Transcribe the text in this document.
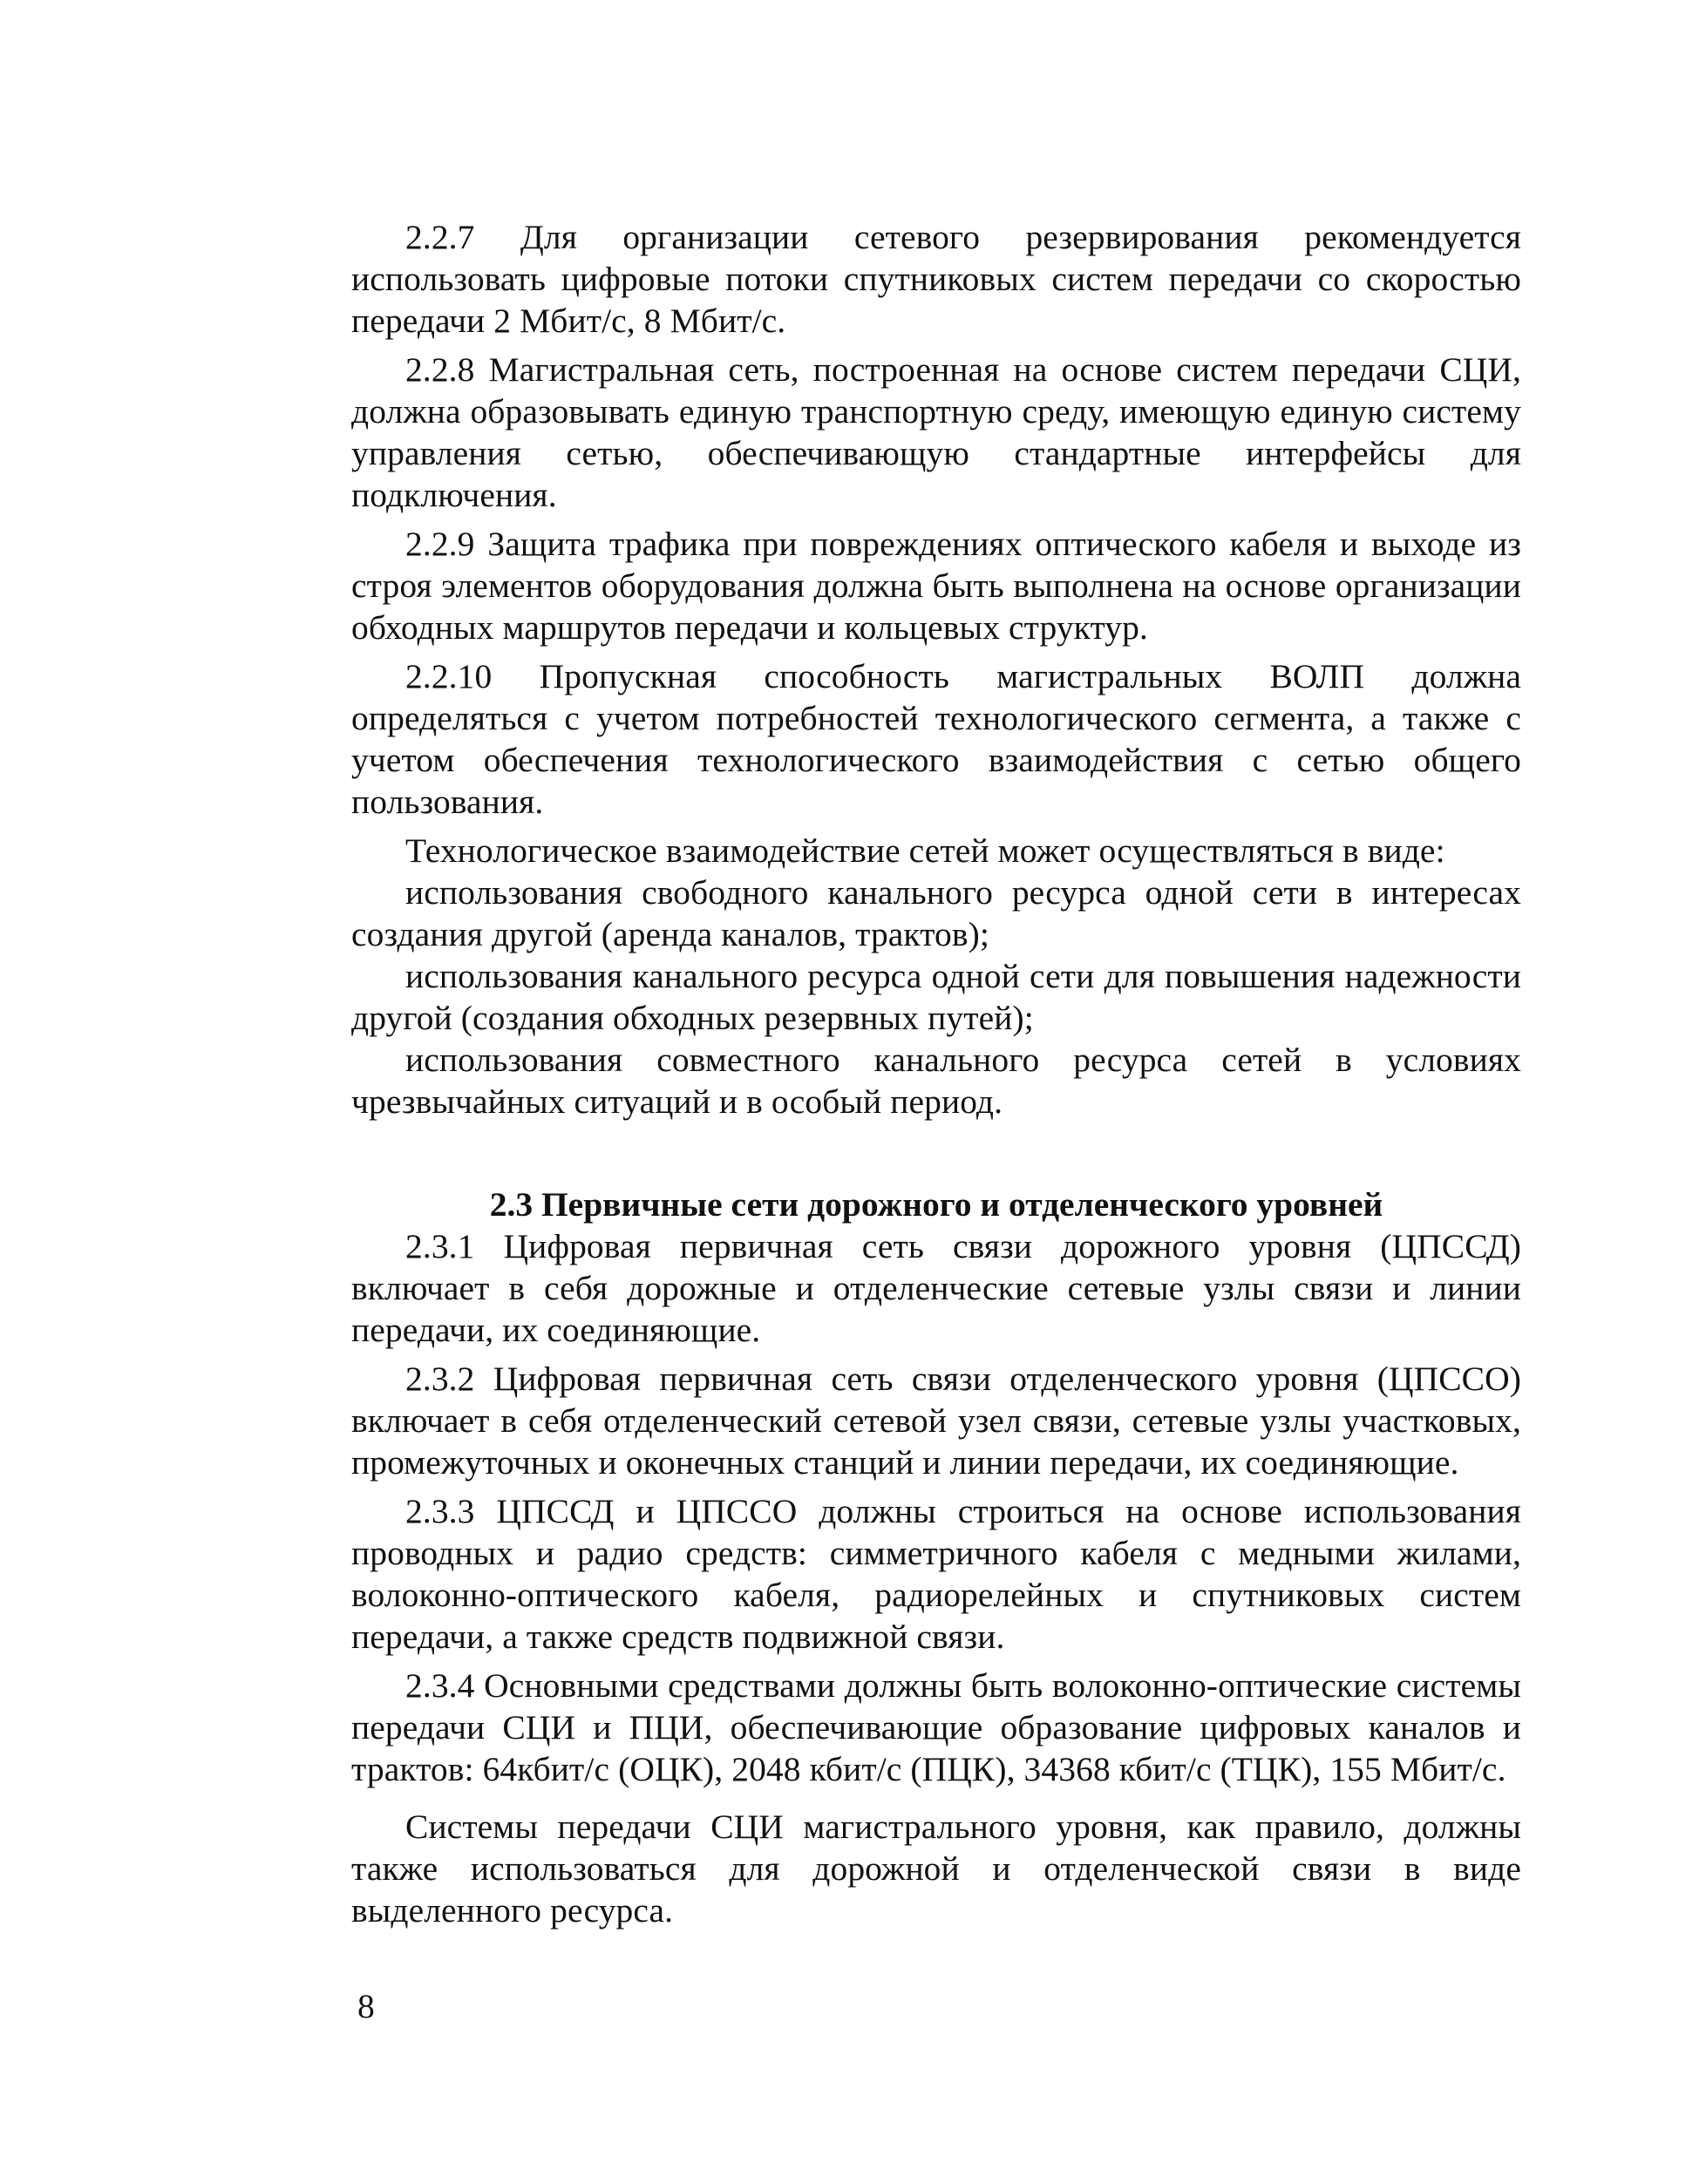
2.2.7 Для организации сетевого резервирования рекомендуется использовать цифровые потоки спутниковых систем передачи со скоростью передачи 2 Мбит/с, 8 Мбит/с.

2.2.8 Магистральная сеть, построенная на основе систем передачи СЦИ, должна образовывать единую транспортную среду, имеющую единую систему управления сетью, обеспечивающую стандартные интерфейсы для подключения.

2.2.9 Защита трафика при повреждениях оптического кабеля и выходе из строя элементов оборудования должна быть выполнена на основе организации обходных маршрутов передачи и кольцевых структур.

2.2.10 Пропускная способность магистральных ВОЛП должна определяться с учетом потребностей технологического сегмента, а также с учетом обеспечения технологического взаимодействия с сетью общего пользования.

Технологическое взаимодействие сетей может осуществляться в виде:

использования свободного канального ресурса одной сети в интересах создания другой (аренда каналов, трактов);

использования канального ресурса одной сети для повышения надежности другой (создания обходных резервных путей);

использования совместного канального ресурса сетей в условиях чрезвычайных ситуаций и в особый период.

2.3 Первичные сети дорожного и отделенческого уровней

2.3.1 Цифровая первичная сеть связи дорожного уровня (ЦПССД) включает в себя дорожные и отделенческие сетевые узлы связи и линии передачи, их соединяющие.

2.3.2 Цифровая первичная сеть связи отделенческого уровня (ЦПССО) включает в себя отделенческий сетевой узел связи, сетевые узлы участковых, промежуточных и оконечных станций и линии передачи, их соединяющие.

2.3.3 ЦПССД и ЦПССО должны строиться на основе использования проводных и радио средств: симметричного кабеля с медными жилами, волоконно-оптического кабеля, радиорелейных и спутниковых систем передачи, а также средств подвижной связи.

2.3.4 Основными средствами должны быть волоконно-оптические системы передачи СЦИ и ПЦИ, обеспечивающие образование цифровых каналов и трактов: 64кбит/с (ОЦК), 2048 кбит/с (ПЦК), 34368 кбит/с (ТЦК), 155 Мбит/с.

Системы передачи СЦИ магистрального уровня, как правило, должны также использоваться для дорожной и отделенческой связи в виде выделенного ресурса.

8
